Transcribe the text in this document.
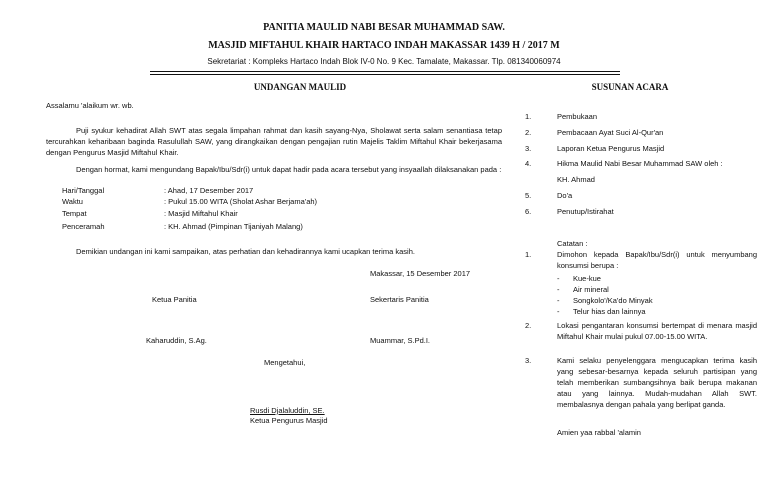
PANITIA MAULID NABI BESAR MUHAMMAD SAW.
MASJID MIFTAHUL KHAIR HARTACO INDAH MAKASSAR 1439 H / 2017 M
Sekretariat : Kompleks Hartaco Indah Blok IV-0 No. 9 Kec. Tamalate, Makassar. Tlp. 081340060974
UNDANGAN MAULID
Assalamu 'alaikum wr. wb.
Puji syukur kehadirat Allah SWT atas segala limpahan rahmat dan kasih sayang-Nya, Sholawat serta salam senantiasa tetap tercurahkan keharibaan baginda Rasulullah SAW, yang dirangkaikan dengan pengajian rutin Majelis Taklim Miftahul Khair bekerjasama dengan Pengurus Masjid Miftahul Khair.
Dengan hormat, kami mengundang Bapak/Ibu/Sdr(i) untuk dapat hadir pada acara tersebut yang insyaallah dilaksanakan pada :
Hari/Tanggal	: Ahad, 17 Desember 2017
Waktu	: Pukul 15.00 WITA (Sholat Ashar Berjama'ah)
Tempat	: Masjid Miftahul Khair
Penceramah	: KH. Ahmad (Pimpinan Tijaniyah Malang)
Demikian undangan ini kami sampaikan, atas perhatian dan kehadirannya kami ucapkan terima kasih.
Makassar, 15 Desember 2017
Ketua Panitia	Sekertaris Panitia
Kaharuddin, S.Ag.	Muammar, S.Pd.I.
Mengetahui,
Rusdi Djalaluddin, SE.
Ketua Pengurus Masjid
SUSUNAN ACARA
1.	Pembukaan
2.	Pembacaan Ayat Suci Al-Qur'an
3.	Laporan Ketua Pengurus Masjid
4.	Hikma Maulid Nabi Besar Muhammad SAW oleh :
KH. Ahmad
5.	Do'a
6.	Penutup/Istirahat
Catatan :
1.	Dimohon kepada Bapak/Ibu/Sdr(i) untuk menyumbang konsumsi berupa :
- Kue-kue
- Air mineral
- Songkolo'/Ka'do Minyak
- Telur hias dan lainnya
2.	Lokasi pengantaran konsumsi bertempat di menara masjid Miftahul Khair mulai pukul 07.00-15.00 WITA.
3.	Kami selaku penyelenggara mengucapkan terima kasih yang sebesar-besarnya kepada seluruh partisipan yang telah memberikan sumbangsihnya baik berupa makanan atau yang lainnya. Mudah-mudahan Allah SWT. membalasnya dengan pahala yang berlipat ganda.
Amien yaa rabbal 'alamin
